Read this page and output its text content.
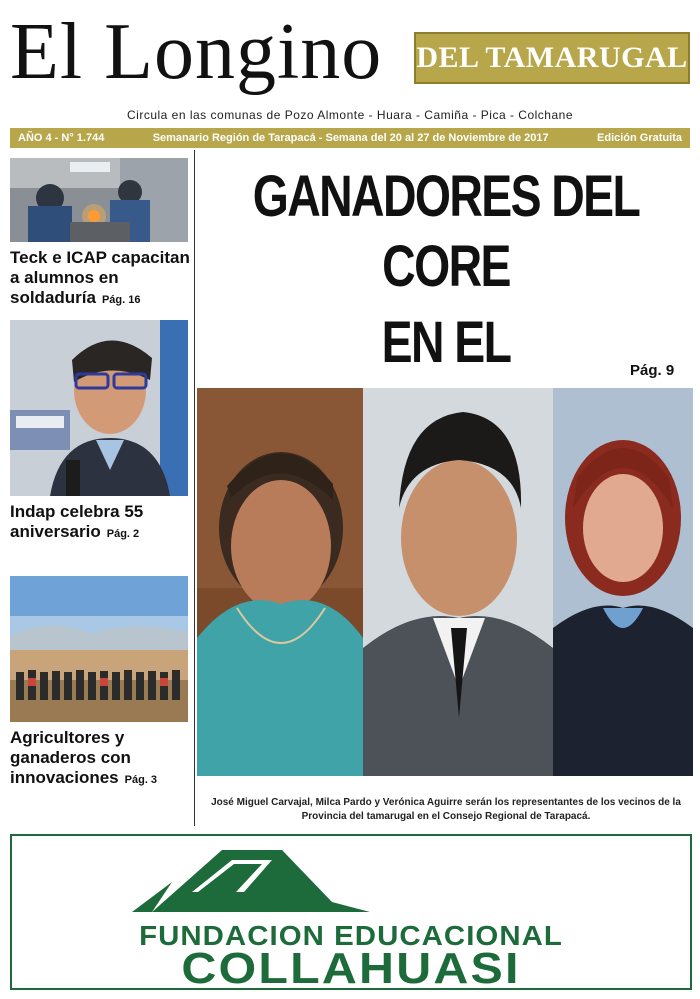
El Longino DEL TAMARUGAL
Circula en las comunas de Pozo Almonte - Huara - Camiña - Pica - Colchane
AÑO 4 - N° 1.744	Semanario Región de Tarapacá - Semana del 20 al 27 de Noviembre de 2017	Edición Gratuita
Teck e ICAP capacitan a alumnos en soldaduría Pág. 16
Indap celebra 55 aniversario Pág. 2
Agricultores y ganaderos con innovaciones Pág. 3
GANADORES DEL CORE
EN EL	Pág. 9
José Miguel Carvajal, Milca Pardo y Verónica Aguirre serán los representantes de los vecinos de la Provincia del tamarugal en el Consejo Regional de Tarapacá.
FUNDACION EDUCACIONAL
COLLAHUASI
